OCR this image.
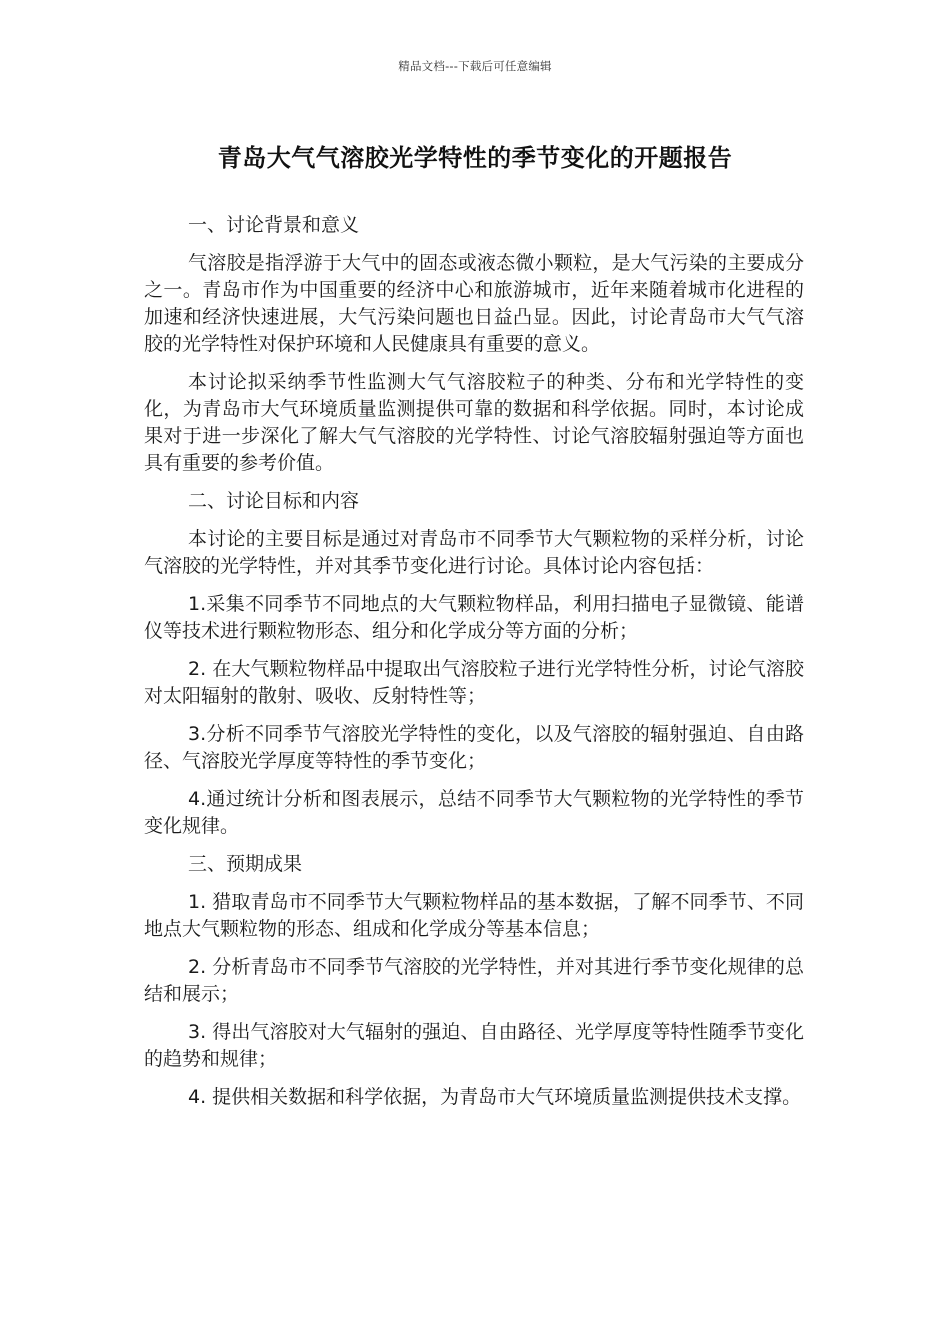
精品文档---下载后可任意编辑
青岛大气气溶胶光学特性的季节变化的开题报告
一、讨论背景和意义

气溶胶是指浮游于大气中的固态或液态微小颗粒，是大气污染的主要成分之一。青岛市作为中国重要的经济中心和旅游城市，近年来随着城市化进程的加速和经济快速进展，大气污染问题也日益凸显。因此，讨论青岛市大气气溶胶的光学特性对保护环境和人民健康具有重要的意义。

本讨论拟采纳季节性监测大气气溶胶粒子的种类、分布和光学特性的变化，为青岛市大气环境质量监测提供可靠的数据和科学依据。同时，本讨论成果对于进一步深化了解大气气溶胶的光学特性、讨论气溶胶辐射强迫等方面也具有重要的参考价值。

二、讨论目标和内容

本讨论的主要目标是通过对青岛市不同季节大气颗粒物的采样分析，讨论气溶胶的光学特性，并对其季节变化进行讨论。具体讨论内容包括：

1.采集不同季节不同地点的大气颗粒物样品，利用扫描电子显微镜、能谱仪等技术进行颗粒物形态、组分和化学成分等方面的分析；

2. 在大气颗粒物样品中提取出气溶胶粒子进行光学特性分析，讨论气溶胶对太阳辐射的散射、吸收、反射特性等；

3.分析不同季节气溶胶光学特性的变化，以及气溶胶的辐射强迫、自由路径、气溶胶光学厚度等特性的季节变化；

4.通过统计分析和图表展示，总结不同季节大气颗粒物的光学特性的季节变化规律。

三、预期成果

1. 猎取青岛市不同季节大气颗粒物样品的基本数据，了解不同季节、不同地点大气颗粒物的形态、组成和化学成分等基本信息；

2. 分析青岛市不同季节气溶胶的光学特性，并对其进行季节变化规律的总结和展示；

3. 得出气溶胶对大气辐射的强迫、自由路径、光学厚度等特性随季节变化的趋势和规律；

4. 提供相关数据和科学依据，为青岛市大气环境质量监测提供技术支撑。
